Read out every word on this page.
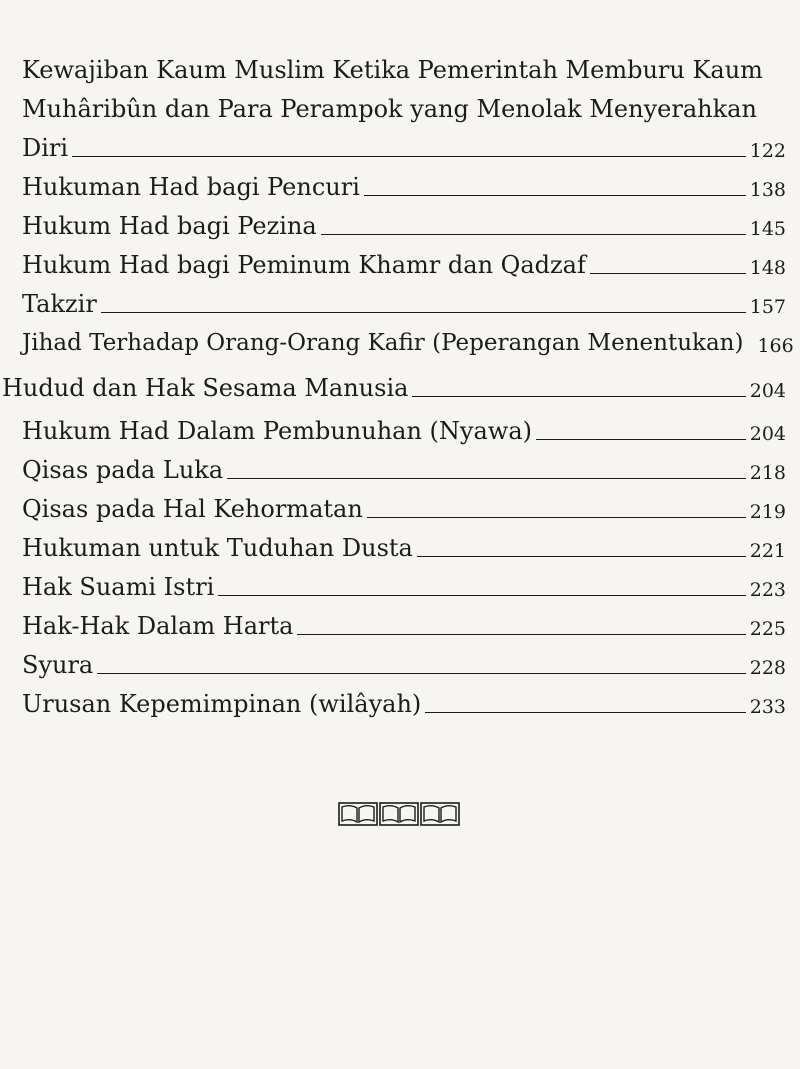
Kewajiban Kaum Muslim Ketika Pemerintah Memburu Kaum
Muhâribûn dan Para Perampok yang Menolak Menyerahkan
Diri	122
Hukuman Had bagi Pencuri	138
Hukum Had bagi Pezina	145
Hukum Had bagi Peminum Khamr dan Qadzaf	148
Takzir	157
Jihad Terhadap Orang-Orang Kafir (Peperangan Menentukan) 166
Hudud dan Hak Sesama Manusia	204
Hukum Had Dalam Pembunuhan (Nyawa)	204
Qisas pada Luka	218
Qisas pada Hal Kehormatan	219
Hukuman untuk Tuduhan Dusta	221
Hak Suami Istri	223
Hak-Hak Dalam Harta	225
Syura	228
Urusan Kepemimpinan (wilâyah)	233
